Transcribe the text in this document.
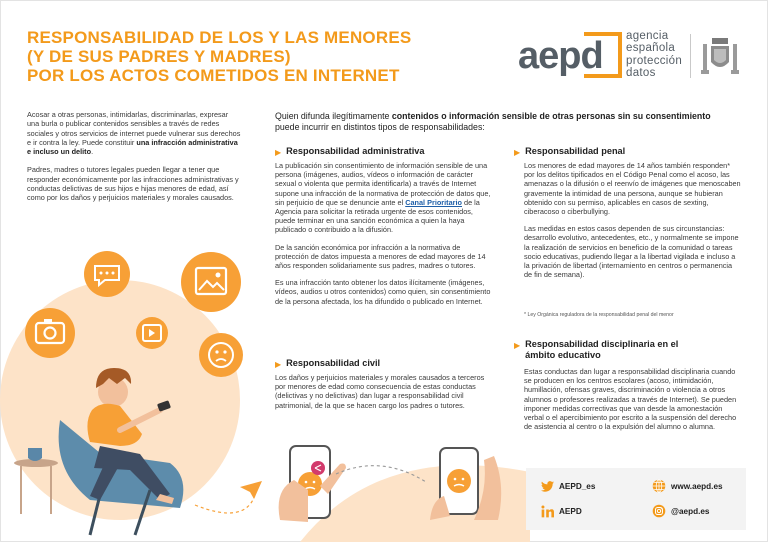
RESPONSABILIDAD DE LOS Y LAS MENORES
(Y DE SUS PADRES Y MADRES)
POR LOS ACTOS COMETIDOS EN INTERNET	aepd agencia
española
protección
datos

Acosar a otras personas, intimidarlas, discriminarlas, expresar una burla o publicar contenidos sensibles a través de redes sociales y otros servicios de internet puede vulnerar sus derechos e ir contra la ley. Puede constituir una infracción administrativa e incluso un delito.

Padres, madres o tutores legales pueden llegar a tener que responder económicamente por las infracciones administrativas y conductas delictivas de sus hijos e hijas menores de edad, así como por los daños y perjuicios materiales y morales causados.

Quien difunda ilegítimamente contenidos o información sensible de otras personas sin su consentimiento puede incurrir en distintos tipos de responsabilidades:
▶ Responsabilidad administrativa

La publicación sin consentimiento de información sensible de una persona (imágenes, audios, vídeos o información de carácter sexual o violenta que permita identificarla) a través de Internet supone una infracción de la normativa de protección de datos que, sin perjuicio de que se denuncie ante el Canal Prioritario de la Agencia para solicitar la retirada urgente de esos contenidos, puede terminar en una sanción económica a quien la haya publicado o contribuido a la difusión.

De la sanción económica por infracción a la normativa de protección de datos impuesta a menores de edad mayores de 14 años responden solidariamente sus padres, madres o tutores.

Es una infracción tanto obtener los datos ilícitamente (imágenes, vídeos, audios u otros contenidos) como quien, sin consentimiento de la persona afectada, los ha difundido o publicado en Internet.

▶ Responsabilidad civil

Los daños y perjuicios materiales y morales causados a terceros por menores de edad como consecuencia de estas conductas (delictivas y no delictivas) dan lugar a responsabilidad civil patrimonial, de la que se hacen cargo los padres o tutores.

▶ Responsabilidad penal

Los menores de edad mayores de 14 años también responden* por los delitos tipificados en el Código Penal como el acoso, las amenazas o la difusión o el reenvío de imágenes que menoscaben gravemente la intimidad de una persona, aunque se hubieran obtenido con su permiso, aplicables en casos de sexting, ciberacoso o ciberbullying.

Las medidas en estos casos dependen de sus circunstancias: desarrollo evolutivo, antecedentes, etc., y normalmente se impone la realización de servicios en beneficio de la comunidad o tareas socio educativas, pudiendo llegar a la libertad vigilada e incluso a la privación de libertad (internamiento en centros o permanencia de fin de semana).

* Ley Orgánica reguladora de la responsabilidad penal del menor
▶ Responsabilidad disciplinaria en el
ámbito educativo

Estas conductas dan lugar a responsabilidad disciplinaria cuando se producen en los centros escolares (acoso, intimidación, humillación, ofensas graves, discriminación o violencia a otros alumnos o profesores realizadas a través de Internet). Se pueden imponer medidas correctivas que van desde la amonestación verbal o el apercibimiento por escrito a la suspensión del derecho de asistencia al centro o la expulsión del alumno o alumna.

AEPD_es	www.aepd.es
AEPD	@aepd.es
